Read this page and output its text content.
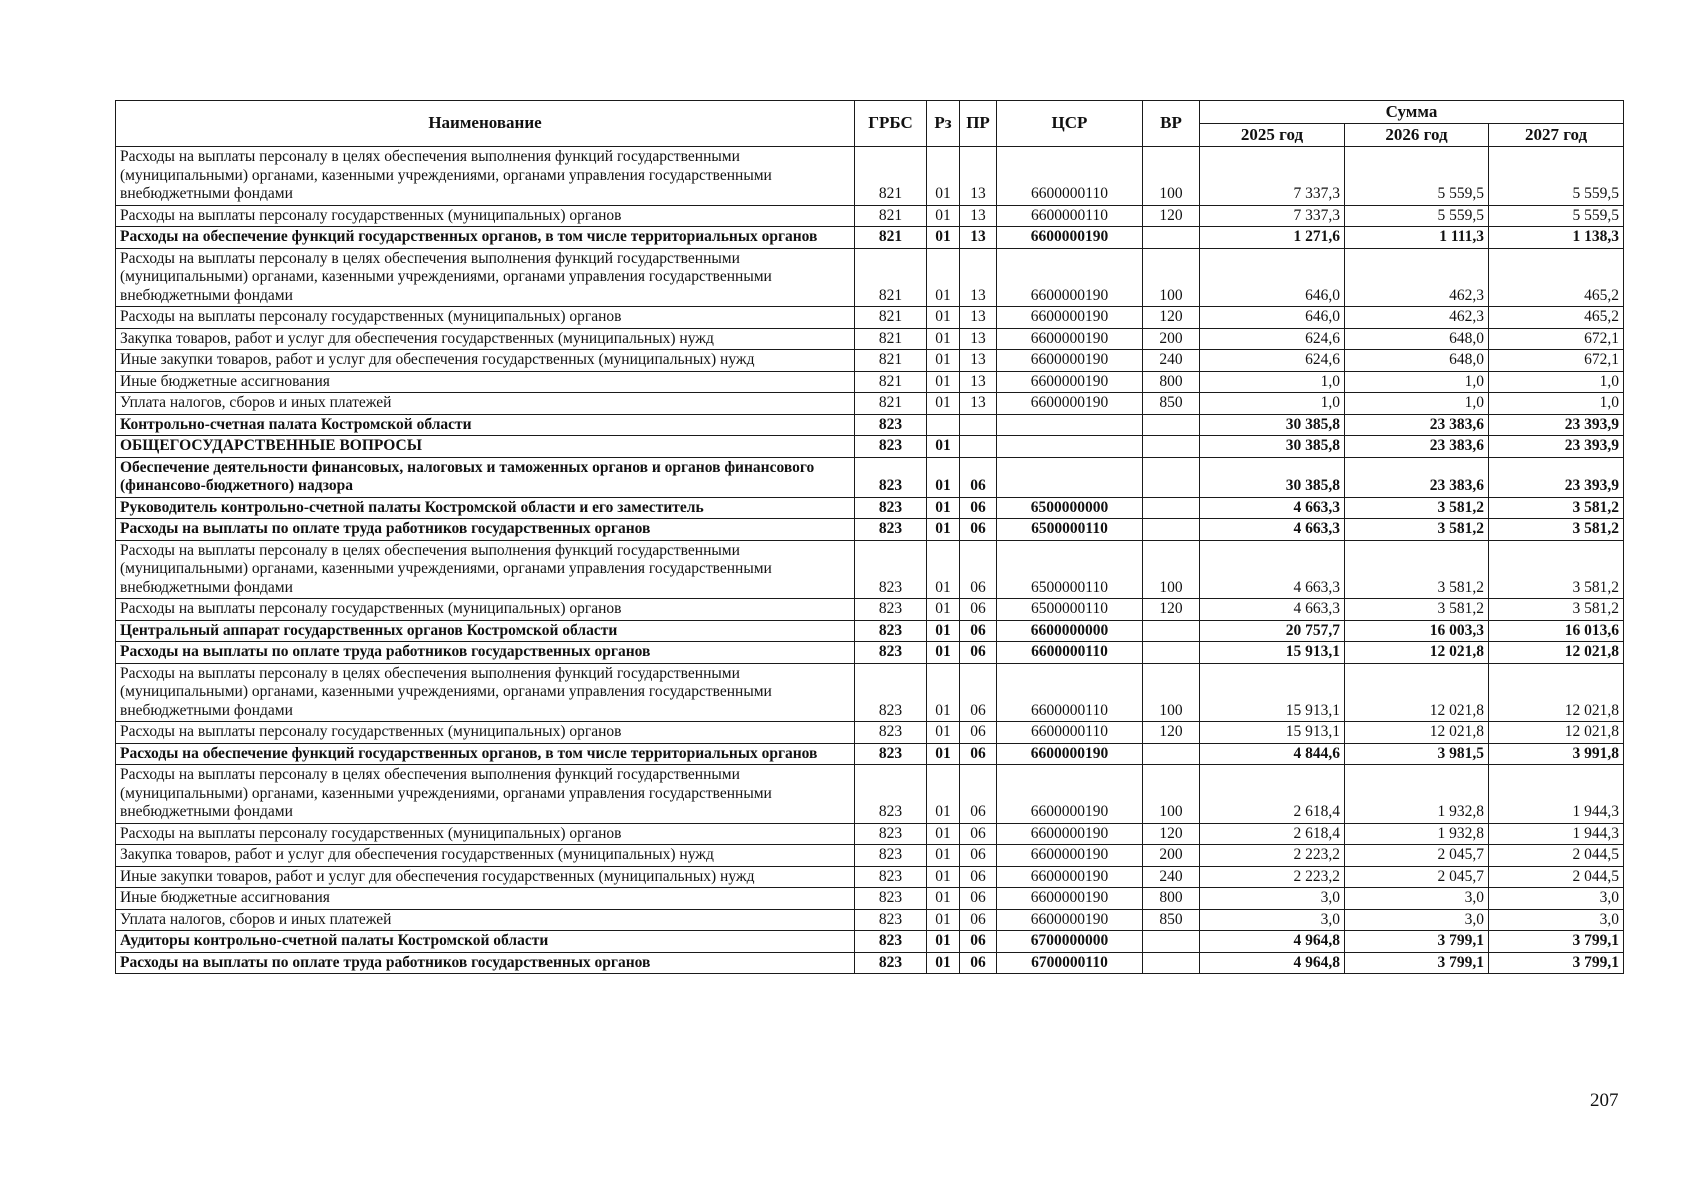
Наименование	ГРБС	Рз	ПР	ЦСР	ВР	Сумма		
						2025 год	2026 год	2027 год
Расходы на выплаты персоналу в целях обеспечения выполнения функций государственными (муниципальными) органами, казенными учреждениями, органами управления государственными внебюджетными фондами	821	01	13	6600000110	100	7 337,3	5 559,5	5 559,5
Расходы на выплаты персоналу государственных (муниципальных) органов	821	01	13	6600000110	120	7 337,3	5 559,5	5 559,5
Расходы на обеспечение функций государственных органов, в том числе территориальных органов	821	01	13	6600000190		1 271,6	1 111,3	1 138,3
Расходы на выплаты персоналу в целях обеспечения выполнения функций государственными (муниципальными) органами, казенными учреждениями, органами управления государственными внебюджетными фондами	821	01	13	6600000190	100	646,0	462,3	465,2
Расходы на выплаты персоналу государственных (муниципальных) органов	821	01	13	6600000190	120	646,0	462,3	465,2
Закупка товаров, работ и услуг для обеспечения государственных (муниципальных) нужд	821	01	13	6600000190	200	624,6	648,0	672,1
Иные закупки товаров, работ и услуг для обеспечения государственных (муниципальных) нужд	821	01	13	6600000190	240	624,6	648,0	672,1
Иные бюджетные ассигнования	821	01	13	6600000190	800	1,0	1,0	1,0
Уплата налогов, сборов и иных платежей	821	01	13	6600000190	850	1,0	1,0	1,0
Контрольно-счетная палата Костромской области	823					30 385,8	23 383,6	23 393,9
ОБЩЕГОСУДАРСТВЕННЫЕ ВОПРОСЫ	823	01				30 385,8	23 383,6	23 393,9
Обеспечение деятельности финансовых, налоговых и таможенных органов и органов финансового (финансово-бюджетного) надзора	823	01	06			30 385,8	23 383,6	23 393,9
Руководитель контрольно-счетной палаты Костромской области и его заместитель	823	01	06	6500000000		4 663,3	3 581,2	3 581,2
Расходы на выплаты по оплате труда работников государственных органов	823	01	06	6500000110		4 663,3	3 581,2	3 581,2
Расходы на выплаты персоналу в целях обеспечения выполнения функций государственными (муниципальными) органами, казенными учреждениями, органами управления государственными внебюджетными фондами	823	01	06	6500000110	100	4 663,3	3 581,2	3 581,2
Расходы на выплаты персоналу государственных (муниципальных) органов	823	01	06	6500000110	120	4 663,3	3 581,2	3 581,2
Центральный аппарат государственных органов Костромской области	823	01	06	6600000000		20 757,7	16 003,3	16 013,6
Расходы на выплаты по оплате труда работников государственных органов	823	01	06	6600000110		15 913,1	12 021,8	12 021,8
Расходы на выплаты персоналу в целях обеспечения выполнения функций государственными (муниципальными) органами, казенными учреждениями, органами управления государственными внебюджетными фондами	823	01	06	6600000110	100	15 913,1	12 021,8	12 021,8
Расходы на выплаты персоналу государственных (муниципальных) органов	823	01	06	6600000110	120	15 913,1	12 021,8	12 021,8
Расходы на обеспечение функций государственных органов, в том числе территориальных органов	823	01	06	6600000190		4 844,6	3 981,5	3 991,8
Расходы на выплаты персоналу в целях обеспечения выполнения функций государственными (муниципальными) органами, казенными учреждениями, органами управления государственными внебюджетными фондами	823	01	06	6600000190	100	2 618,4	1 932,8	1 944,3
Расходы на выплаты персоналу государственных (муниципальных) органов	823	01	06	6600000190	120	2 618,4	1 932,8	1 944,3
Закупка товаров, работ и услуг для обеспечения государственных (муниципальных) нужд	823	01	06	6600000190	200	2 223,2	2 045,7	2 044,5
Иные закупки товаров, работ и услуг для обеспечения государственных (муниципальных) нужд	823	01	06	6600000190	240	2 223,2	2 045,7	2 044,5
Иные бюджетные ассигнования	823	01	06	6600000190	800	3,0	3,0	3,0
Уплата налогов, сборов и иных платежей	823	01	06	6600000190	850	3,0	3,0	3,0
Аудиторы контрольно-счетной палаты Костромской области	823	01	06	6700000000		4 964,8	3 799,1	3 799,1
Расходы на выплаты по оплате труда работников государственных органов	823	01	06	6700000110		4 964,8	3 799,1	3 799,1
207
